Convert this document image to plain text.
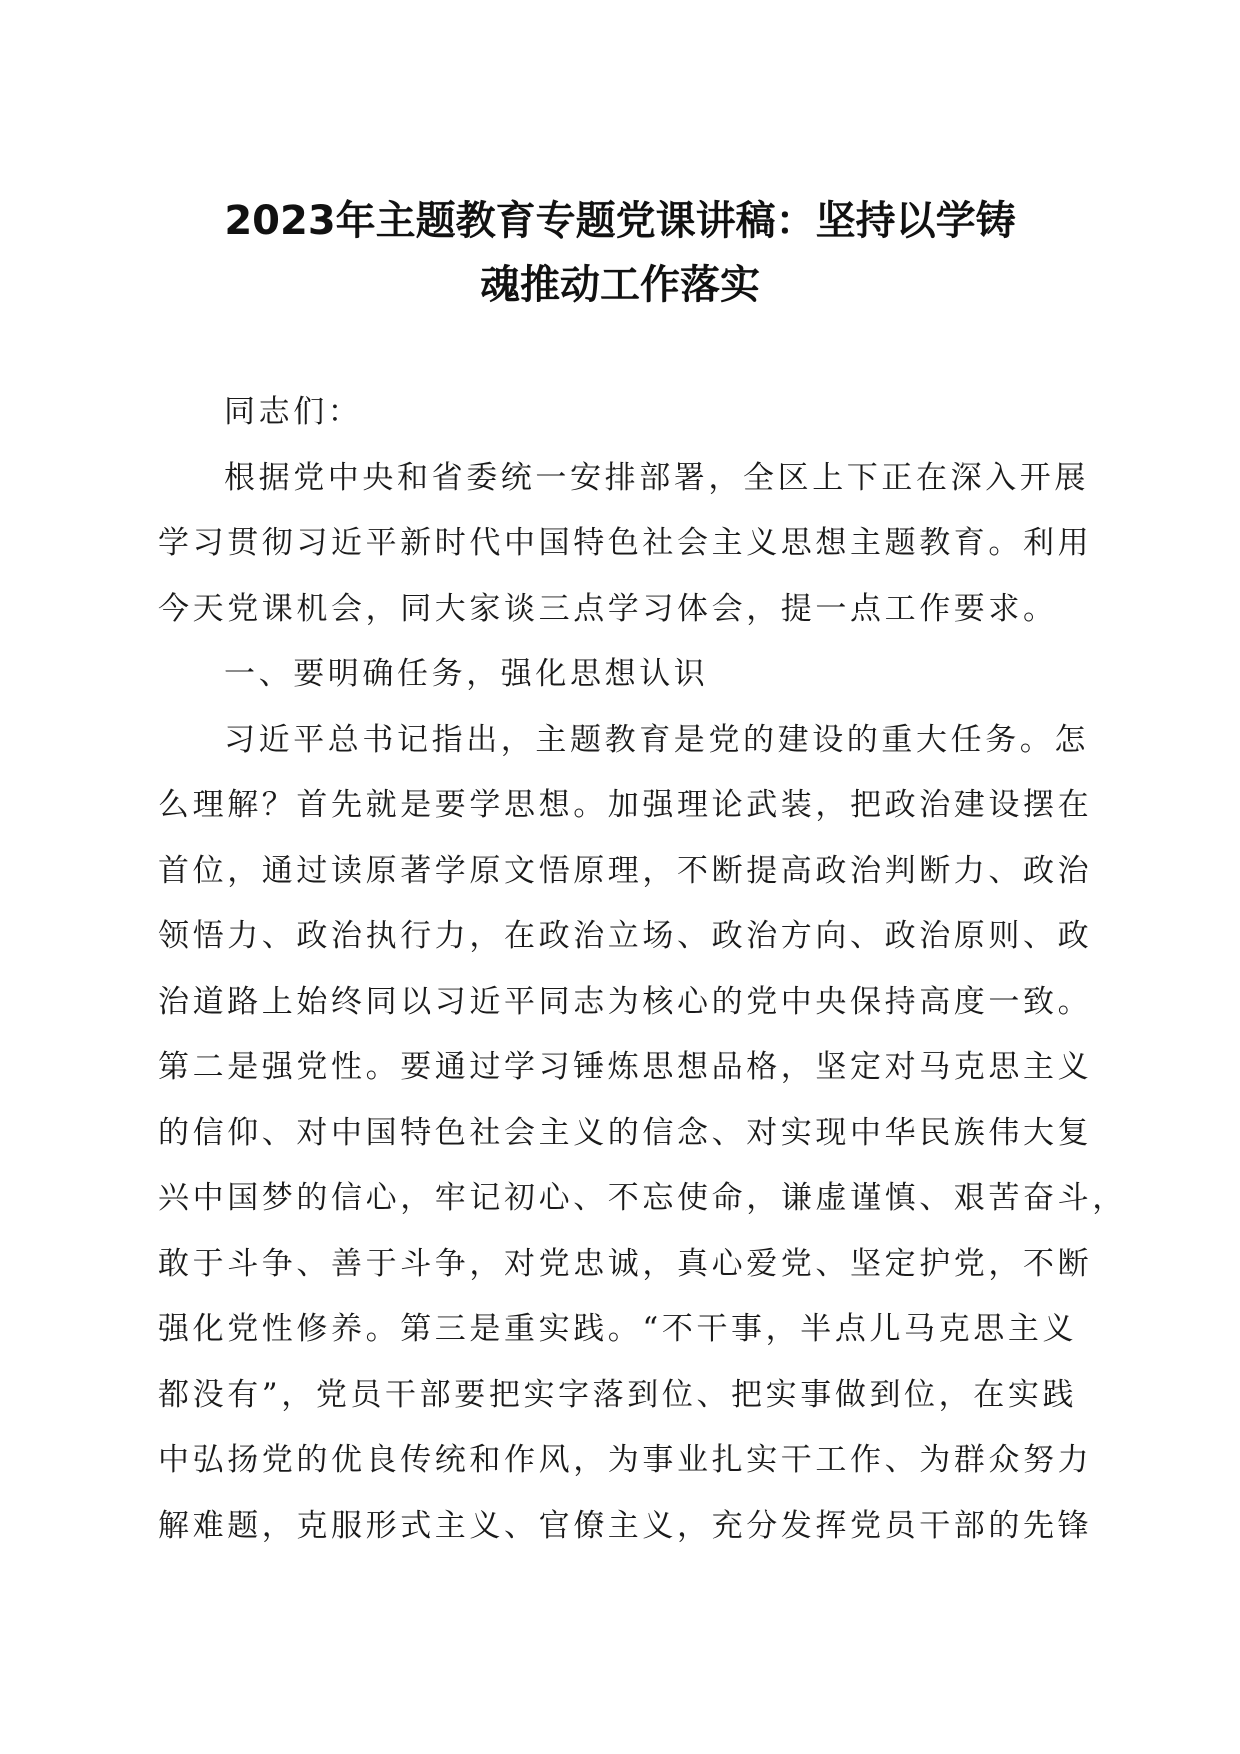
2023年主题教育专题党课讲稿：坚持以学铸
魂推动工作落实
同志们：
根据党中央和省委统一安排部署，全区上下正在深入开展
学习贯彻习近平新时代中国特色社会主义思想主题教育。利用
今天党课机会，同大家谈三点学习体会，提一点工作要求。
一、要明确任务，强化思想认识
习近平总书记指出，主题教育是党的建设的重大任务。怎
么理解？首先就是要学思想。加强理论武装，把政治建设摆在
首位，通过读原著学原文悟原理，不断提高政治判断力、政治
领悟力、政治执行力，在政治立场、政治方向、政治原则、政
治道路上始终同以习近平同志为核心的党中央保持高度一致。
第二是强党性。要通过学习锤炼思想品格，坚定对马克思主义
的信仰、对中国特色社会主义的信念、对实现中华民族伟大复
兴中国梦的信心，牢记初心、不忘使命，谦虚谨慎、艰苦奋斗，
敢于斗争、善于斗争，对党忠诚，真心爱党、坚定护党，不断
强化党性修养。第三是重实践。“不干事，半点儿马克思主义
都没有”，党员干部要把实字落到位、把实事做到位，在实践
中弘扬党的优良传统和作风，为事业扎实干工作、为群众努力
解难题，克服形式主义、官僚主义，充分发挥党员干部的先锋
